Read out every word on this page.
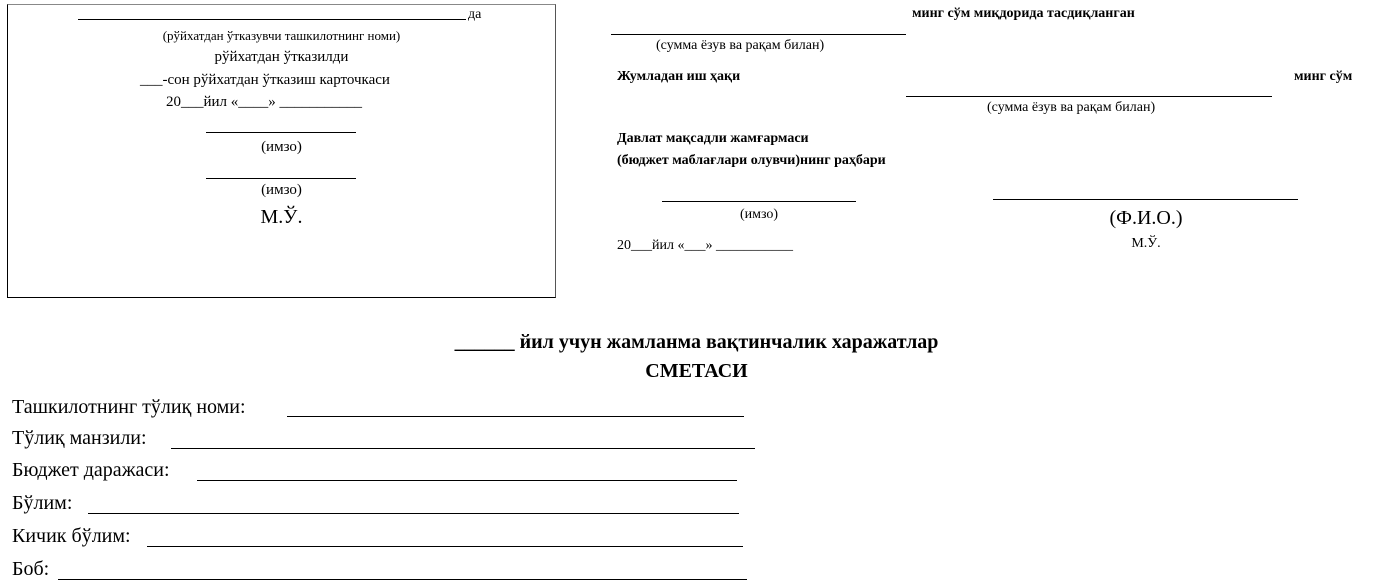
да
(рўйхатдан ўтказувчи ташкилотнинг номи)
рўйхатдан ўтказилди
___-сон рўйхатдан ўтказиш карточкаси
20___йил «____» ___________
(имзо)
(имзо)
М.Ў.
минг сўм миқдорида тасдиқланган
(сумма ёзув ва рақам билан)
Жумладан иш ҳақи	минг сўм
(сумма ёзув ва рақам билан)
Давлат мақсадли жамғармаси
(бюджет маблағлари олувчи)нинг раҳбари
(имзо)	(Ф.И.О.)
20___йил «___» ___________	М.Ў.
______ йил учун жамланма вақтинчалик харажатлар
СМЕТАСИ
Ташкилотнинг тўлиқ номи:
Тўлиқ манзили:
Бюджет даражаси:
Бўлим:
Кичик бўлим:
Боб:
